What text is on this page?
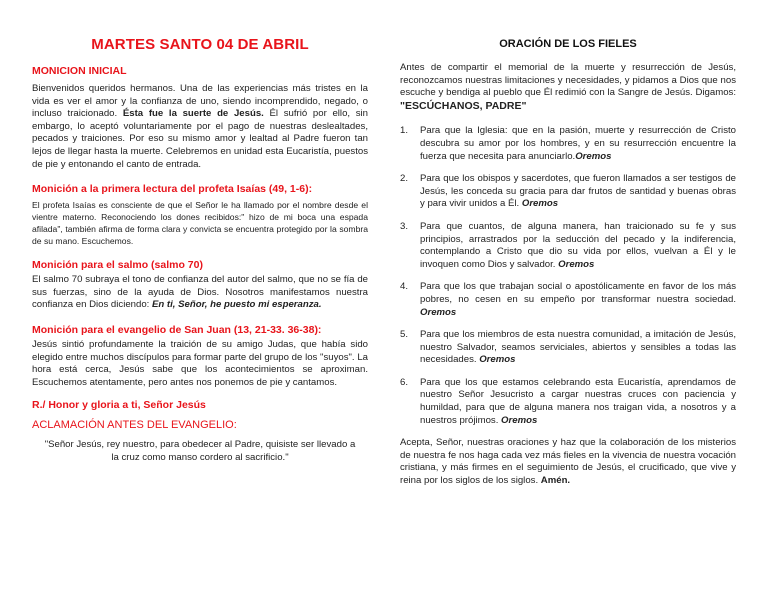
MARTES SANTO 04 DE ABRIL
MONICION INICIAL

Bienvenidos queridos hermanos. Una de las experiencias más tristes en la vida es ver el amor y la confianza de uno, siendo incomprendido, negado, o incluso traicionado. Ésta fue la suerte de Jesús. Él sufrió por ello, sin embargo, lo aceptó voluntariamente por el pago de nuestras deslealtades, pecados y traiciones. Por eso su mismo amor y lealtad al Padre fueron tan lejos de llegar hasta la muerte. Celebremos en unidad esta Eucaristía, puestos de pie y entonando el canto de entrada.

Monición a la primera lectura del profeta Isaías (49, 1-6):

El profeta Isaías es consciente de que el Señor le ha llamado por el nombre desde el vientre materno. Reconociendo los dones recibidos:" hizo de mi boca una espada afilada", también afirma de forma clara y convicta se encuentra protegido por la sombra de su mano. Escuchemos.

Monición para el salmo (salmo 70)

El salmo 70 subraya el tono de confianza del autor del salmo, que no se fía de sus fuerzas, sino de la ayuda de Dios. Nosotros manifestamos nuestra confianza en Dios diciendo: En ti, Señor, he puesto mi esperanza.

Monición para el evangelio de San Juan (13, 21-33. 36-38):

Jesús sintió profundamente la traición de su amigo Judas, que había sido elegido entre muchos discípulos para formar parte del grupo de los "suyos". La hora está cerca, Jesús sabe que los acontecimientos se aproximan. Escuchemos atentamente, pero antes nos ponemos de pie y cantamos.

R./ Honor y gloria a ti, Señor Jesús
ACLAMACIÓN ANTES DEL EVANGELIO:

"Señor Jesús, rey nuestro, para obedecer al Padre, quisiste ser llevado a la cruz como manso cordero al sacrificio."

ORACIÓN DE LOS FIELES

Antes de compartir el memorial de la muerte y resurrección de Jesús, reconozcamos nuestras limitaciones y necesidades, y pidamos a Dios que nos escuche y bendiga al pueblo que Él redimió con la Sangre de Jesús. Digamos: "ESCÚCHANOS, PADRE"

1.	Para que la Iglesia: que en la pasión, muerte y resurrección de Cristo descubra su amor por los hombres, y en su resurrección encuentre la fuerza que necesita para anunciarlo.Oremos
2.	Para que los obispos y sacerdotes, que fueron llamados a ser testigos de Jesús, les conceda su gracia para dar frutos de santidad y buenas obras y para vivir unidos a Él. Oremos
3.	Para que cuantos, de alguna manera, han traicionado su fe y sus principios, arrastrados por la seducción del pecado y la indiferencia, contemplando a Cristo que dio su vida por ellos, vuelvan a Él y le invoquen como Dios y salvador. Oremos
4.	Para que los que trabajan social o apostólicamente en favor de los más pobres, no cesen en su empeño por transformar nuestra sociedad. Oremos
5.	Para que los miembros de esta nuestra comunidad, a imitación de Jesús, nuestro Salvador, seamos serviciales, abiertos y sensibles a todas las necesidades. Oremos
6.	Para que los que estamos celebrando esta Eucaristía, aprendamos de nuestro Señor Jesucristo a cargar nuestras cruces con paciencia y humildad, para que de alguna manera nos traigan vida, a nosotros y a nuestros prójimos. Oremos

Acepta, Señor, nuestras oraciones y haz que la colaboración de los misterios de nuestra fe nos haga cada vez más fieles en la vivencia de nuestra vocación cristiana, y más firmes en el seguimiento de Jesús, el crucificado, que vive y reina por los siglos de los siglos. Amén.
